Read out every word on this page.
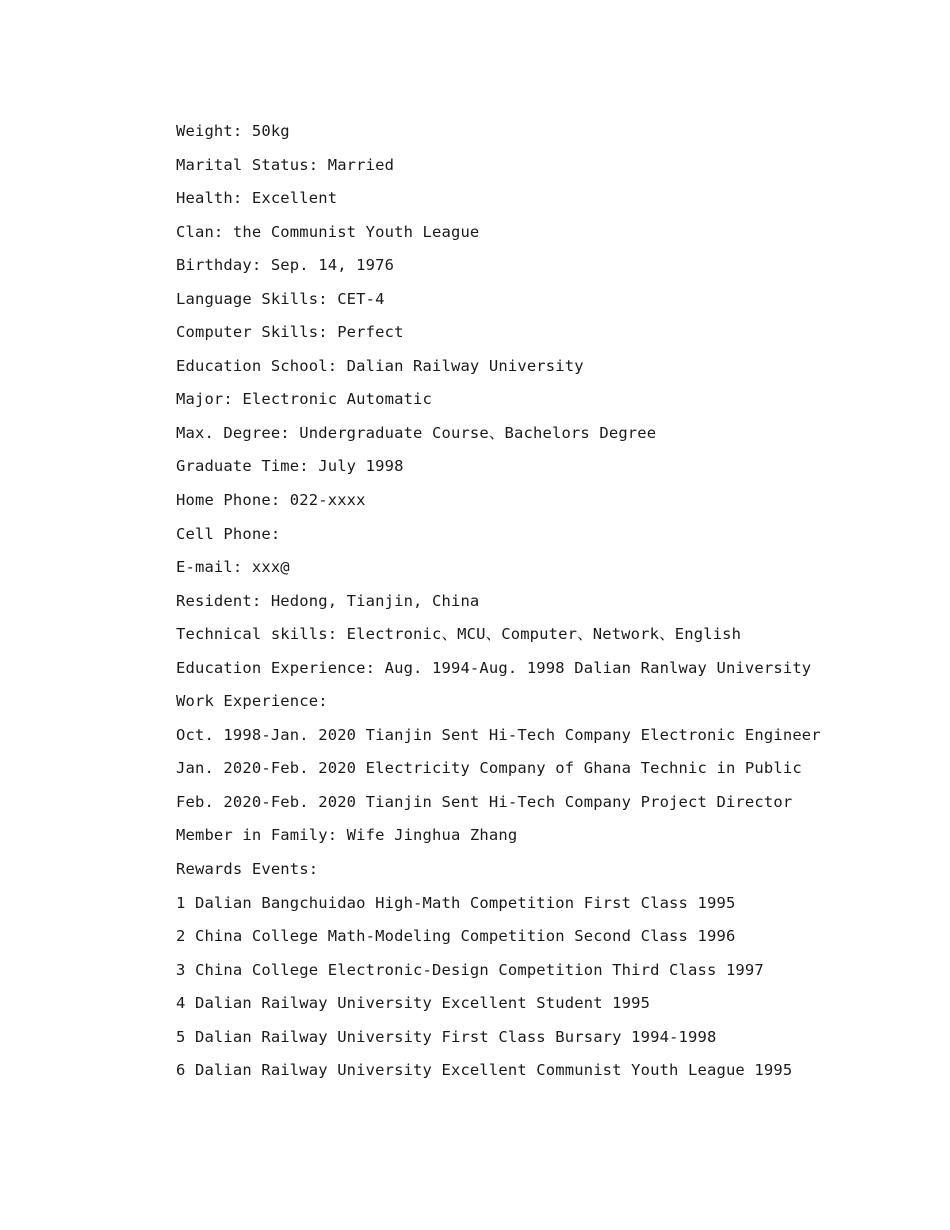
Weight: 50kg
Marital Status: Married
Health: Excellent
Clan: the Communist Youth League
Birthday: Sep. 14, 1976
Language Skills: CET-4
Computer Skills: Perfect
Education School: Dalian Railway University
Major: Electronic Automatic
Max. Degree: Undergraduate Course、Bachelors Degree
Graduate Time: July 1998
Home Phone: 022-xxxx
Cell Phone:
E-mail: xxx@
Resident: Hedong, Tianjin, China
Technical skills: Electronic、MCU、Computer、Network、English
Education Experience: Aug. 1994-Aug. 1998 Dalian Ranlway University
Work Experience:
Oct. 1998-Jan. 2020 Tianjin Sent Hi-Tech Company Electronic Engineer
Jan. 2020-Feb. 2020 Electricity Company of Ghana Technic in Public
Feb. 2020-Feb. 2020 Tianjin Sent Hi-Tech Company Project Director
Member in Family: Wife Jinghua Zhang
Rewards Events:
1 Dalian Bangchuidao High-Math Competition First Class 1995
2 China College Math-Modeling Competition Second Class 1996
3 China College Electronic-Design Competition Third Class 1997
4 Dalian Railway University Excellent Student 1995
5 Dalian Railway University First Class Bursary 1994-1998
6 Dalian Railway University Excellent Communist Youth League 1995
